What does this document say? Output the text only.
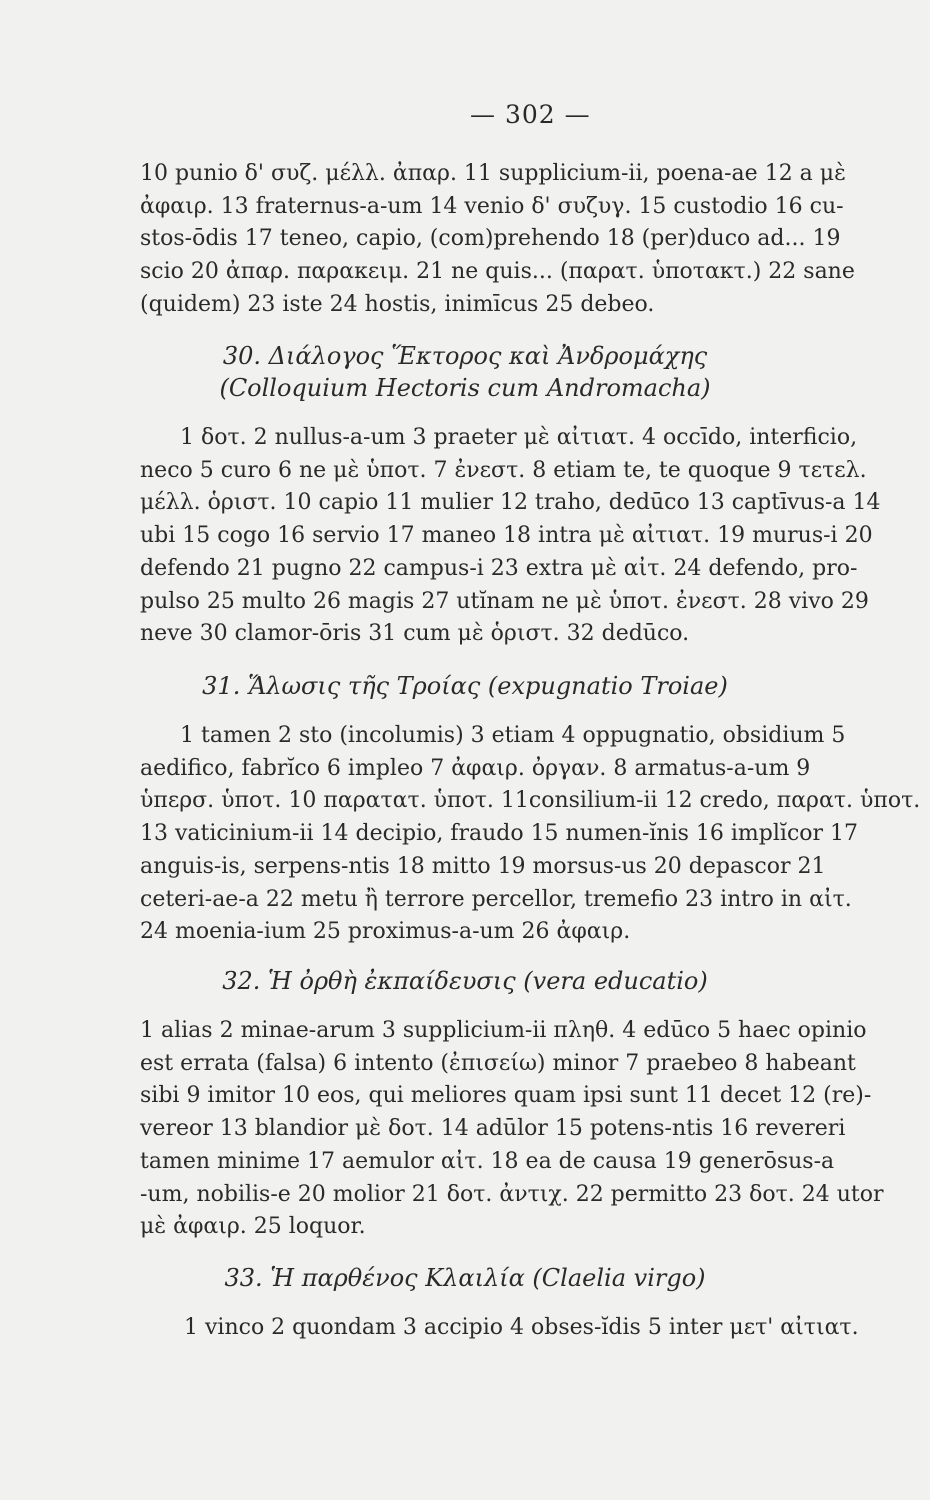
— 302 —

10 punio δ' συζ. μέλλ. ἀπαρ. 11 supplicium-ii, poena-ae 12 a μὲ
ἀφαιρ. 13 fraternus-a-um 14 venio δ' συζυγ. 15 custodio 16 cu-
stos-ōdis 17 teneo, capio, (com)prehendo 18 (per)duco ad... 19
scio 20 ἀπαρ. παρακειμ. 21 ne quis... (παρατ. ὑποτακτ.) 22 sane
(quidem) 23 iste 24 hostis, inimīcus 25 debeo.

30. Διάλογος Ἕκτορος καὶ Ἀνδρομάχης
(Colloquium Hectoris cum Andromacha)

1 δοτ. 2 nullus-a-um 3 praeter μὲ αἰτιατ. 4 occīdo, interficio,
neco 5 curo 6 ne μὲ ὑποτ. 7 ἐνεστ. 8 etiam te, te quoque 9 τετελ.
μέλλ. ὁριστ. 10 capio 11 mulier 12 traho, dedūco 13 captīvus-a 14
ubi 15 cogo 16 servio 17 maneo 18 intra μὲ αἰτιατ. 19 murus-i 20
defendo 21 pugno 22 campus-i 23 extra μὲ αἰτ. 24 defendo, pro-
pulso 25 multo 26 magis 27 utĭnam ne μὲ ὑποτ. ἐνεστ. 28 vivo 29
neve 30 clamor-ōris 31 cum μὲ ὁριστ. 32 dedūco.

31. Ἅλωσις τῆς Τροίας (expugnatio Troiae)

1 tamen 2 sto (incolumis) 3 etiam 4 oppugnatio, obsidium 5
aedifico, fabrĭco 6 impleo 7 ἀφαιρ. ὀργαν. 8 armatus-a-um 9
ὑπερσ. ὑποτ. 10 παρατατ. ὑποτ. 11consilium-ii 12 credo, παρατ. ὑποτ.
13 vaticinium-ii 14 decipio, fraudo 15 numen-ĭnis 16 implĭcor 17
anguis-is, serpens-ntis 18 mitto 19 morsus-us 20 depascor 21
ceteri-ae-a 22 metu ἢ terrore percellor, tremefio 23 intro in αἰτ.
24 moenia-ium 25 proximus-a-um 26 ἀφαιρ.

32. Ἡ ὀρθὴ ἐκπαίδευσις (vera educatio)

1 alias 2 minae-arum 3 supplicium-ii πληθ. 4 edūco 5 haec opinio
est errata (falsa) 6 intento (ἐπισείω) minor 7 praebeo 8 habeant
sibi 9 imitor 10 eos, qui meliores quam ipsi sunt 11 decet 12 (re)-
vereor 13 blandior μὲ δοτ. 14 adūlor 15 potens-ntis 16 revereri
tamen minime 17 aemulor αἰτ. 18 ea de causa 19 generōsus-a
-um, nobilis-e 20 molior 21 δοτ. ἀντιχ. 22 permitto 23 δοτ. 24 utor
μὲ ἀφαιρ. 25 loquor.

33. Ἡ παρθένος Κλαιλία (Claelia virgo)

1 vinco 2 quondam 3 accipio 4 obses-ĭdis 5 inter μετ' αἰτιατ.
